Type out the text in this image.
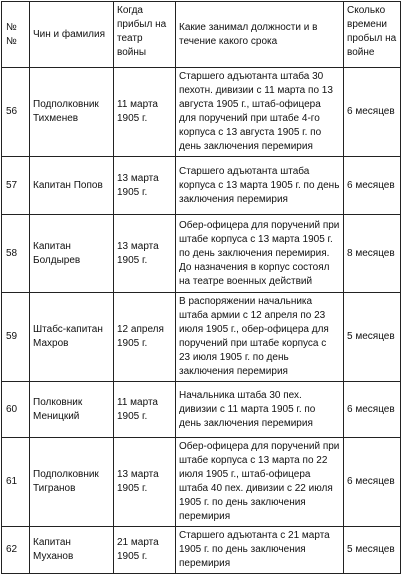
№№	Чин и фамилия	Когда прибыл на театр войны	Какие занимал должности и в течение какого срока	Сколько времени пробыл на войне
56	Подполковник Тихменев	11 марта 1905 г.	Старшего адъютанта штаба 30 пехотн. дивизии с 11 марта по 13 августа 1905 г., штаб-офицера для поручений при штабе 4-го корпуса с 13 августа 1905 г. по день заключения перемирия	6 месяцев
57	Капитан Попов	13 марта 1905 г.	Старшего адъютанта штаба корпуса с 13 марта 1905 г. по день заключения перемирия	6 месяцев
58	Капитан Болдырев	13 марта 1905 г.	Обер-офицера для поручений при штабе корпуса с 13 марта 1905 г. по день заключения перемирия. До назначения в корпус состоял на театре военных действий	8 месяцев
59	Штабс-капитан Махров	12 апреля 1905 г.	В распоряжении начальника штаба армии с 12 апреля по 23 июля 1905 г., обер-офицера для поручений при штабе корпуса с 23 июля 1905 г. по день заключения перемирия	5 месяцев
60	Полковник Меницкий	11 марта 1905 г.	Начальника штаба 30 пех. дивизии с 11 марта 1905 г. по день заключения перемирия	6 месяцев
61	Подполковник Тигранов	13 марта 1905 г.	Обер-офицера для поручений при штабе корпуса с 13 марта по 22 июля 1905 г., штаб-офицера штаба 40 пех. дивизии с 22 июля 1905 г. по день заключения перемирия	6 месяцев
62	Капитан Муханов	21 марта 1905 г.	Старшего адъютанта с 21 марта 1905 г. по день заключения перемирия	5 месяцев
